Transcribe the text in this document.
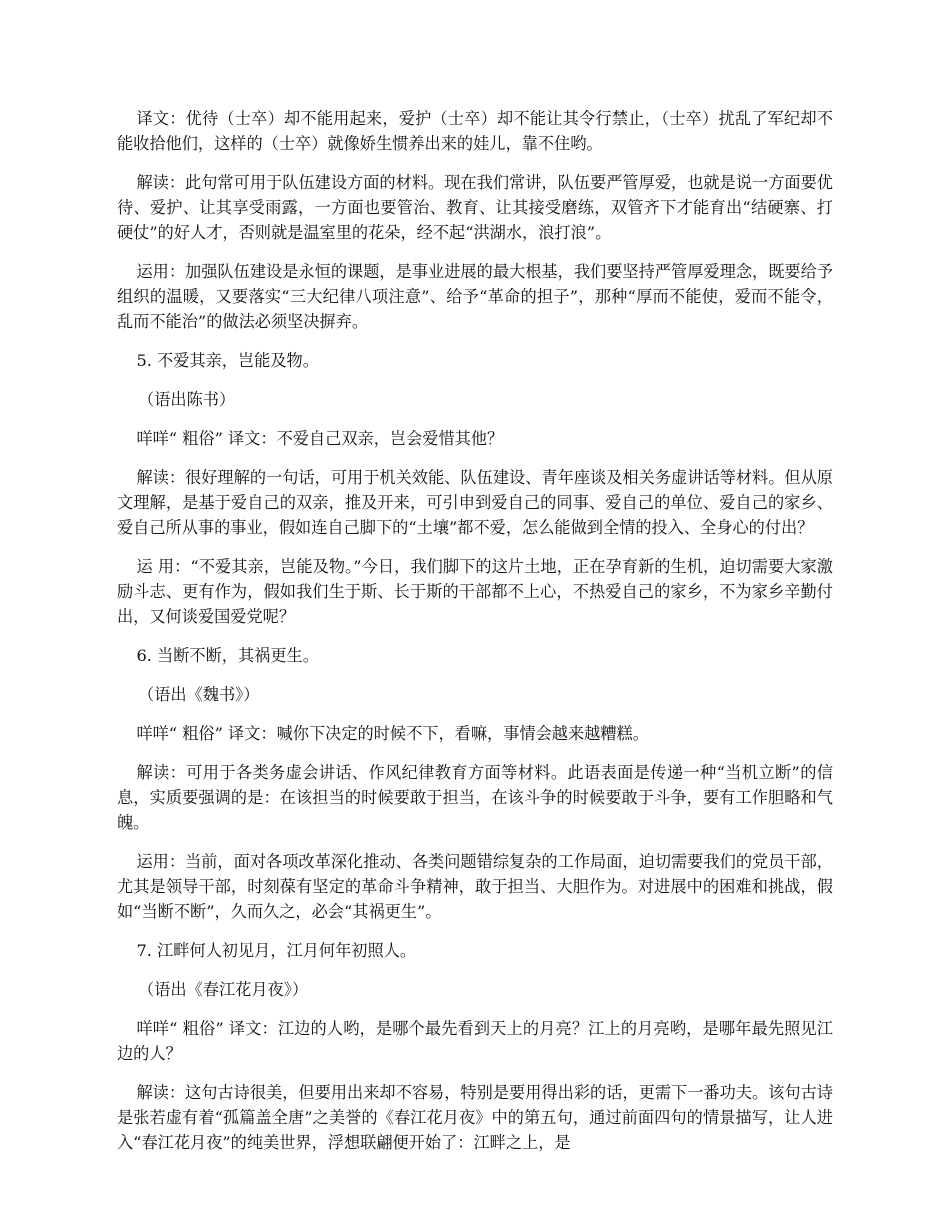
译文：优待（士卒）却不能用起来，爱护（士卒）却不能让其令行禁止，（士卒）扰乱了军纪却不能收拾他们，这样的（士卒）就像娇生惯养出来的娃儿，靠不住哟。

解读：此句常可用于队伍建设方面的材料。现在我们常讲，队伍要严管厚爱，也就是说一方面要优待、爱护、让其享受雨露，一方面也要管治、教育、让其接受磨练，双管齐下才能育出“结硬寨、打硬仗”的好人才，否则就是温室里的花朵，经不起“洪湖水，浪打浪”。

运用：加强队伍建设是永恒的课题，是事业进展的最大根基，我们要坚持严管厚爱理念，既要给予组织的温暖，又要落实“三大纪律八项注意”、给予“革命的担子”，那种“厚而不能使，爱而不能令，乱而不能治”的做法必须坚决摒弃。

5. 不爱其亲，岂能及物。

（语出陈书）

咩咩“ 粗俗” 译文：不爱自己双亲，岂会爱惜其他？

解读：很好理解的一句话，可用于机关效能、队伍建设、青年座谈及相关务虚讲话等材料。但从原文理解，是基于爱自己的双亲，推及开来，可引申到爱自己的同事、爱自己的单位、爱自己的家乡、爱自己所从事的事业，假如连自己脚下的“土壤”都不爱，怎么能做到全情的投入、全身心的付出？

运 用：“不爱其亲，岂能及物。”今日，我们脚下的这片土地，正在孕育新的生机，迫切需要大家激励斗志、更有作为，假如我们生于斯、长于斯的干部都不上心，不热爱自己的家乡，不为家乡辛勤付出，又何谈爱国爱党呢？

6. 当断不断，其祸更生。

（语出《魏书》）

咩咩“ 粗俗” 译文：喊你下决定的时候不下，看嘛，事情会越来越糟糕。

解读：可用于各类务虚会讲话、作风纪律教育方面等材料。此语表面是传递一种“当机立断”的信息，实质要强调的是：在该担当的时候要敢于担当，在该斗争的时候要敢于斗争，要有工作胆略和气魄。

运用：当前，面对各项改革深化推动、各类问题错综复杂的工作局面，迫切需要我们的党员干部，尤其是领导干部，时刻葆有坚定的革命斗争精神，敢于担当、大胆作为。对进展中的困难和挑战，假如“当断不断”，久而久之，必会“其祸更生”。

7. 江畔何人初见月，江月何年初照人。

（语出《春江花月夜》）

咩咩“ 粗俗” 译文：江边的人哟，是哪个最先看到天上的月亮？江上的月亮哟，是哪年最先照见江边的人？

解读：这句古诗很美，但要用出来却不容易，特别是要用得出彩的话，更需下一番功夫。该句古诗是张若虚有着“孤篇盖全唐”之美誉的《春江花月夜》中的第五句，通过前面四句的情景描写，让人进入“春江花月夜”的纯美世界，浮想联翩便开始了：江畔之上，是
